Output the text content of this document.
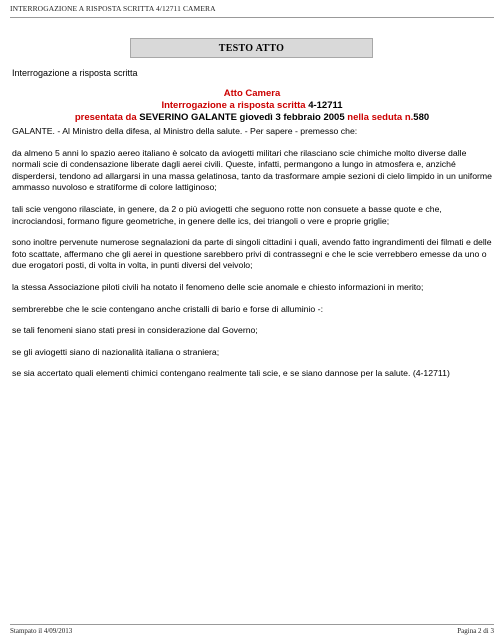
INTERROGAZIONE A RISPOSTA SCRITTA 4/12711 CAMERA
TESTO ATTO
Interrogazione a risposta scritta
Atto Camera
Interrogazione a risposta scritta 4-12711
presentata da SEVERINO GALANTE giovedì 3 febbraio 2005 nella seduta n.580

GALANTE. - Al Ministro della difesa, al Ministro della salute. - Per sapere - premesso che:

da almeno 5 anni lo spazio aereo italiano è solcato da aviogetti militari che rilasciano scie chimiche molto diverse dalle normali scie di condensazione liberate dagli aerei civili. Queste, infatti, permangono a lungo in atmosfera e, anziché disperdersi, tendono ad allargarsi in una massa gelatinosa, tanto da trasformare ampie sezioni di cielo limpido in un uniforme ammasso nuvoloso e stratiforme di colore lattiginoso;

tali scie vengono rilasciate, in genere, da 2 o più aviogetti che seguono rotte non consuete a basse quote e che, incrociandosi, formano figure geometriche, in genere delle ics, dei triangoli o vere e proprie griglie;

sono inoltre pervenute numerose segnalazioni da parte di singoli cittadini i quali, avendo fatto ingrandimenti dei filmati e delle foto scattate, affermano che gli aerei in questione sarebbero privi di contrassegni e che le scie verrebbero emesse da uno o due erogatori posti, di volta in volta, in punti diversi del veivolo;

la stessa Associazione piloti civili ha notato il fenomeno delle scie anomale e chiesto informazioni in merito;

sembrerebbe che le scie contengano anche cristalli di bario e forse di alluminio -:

se tali fenomeni siano stati presi in considerazione dal Governo;

se gli aviogetti siano di nazionalità italiana o straniera;

se sia accertato quali elementi chimici contengano realmente tali scie, e se siano dannose per la salute. (4-12711)

Stampato il 4/09/2013	Pagina 2 di 3
